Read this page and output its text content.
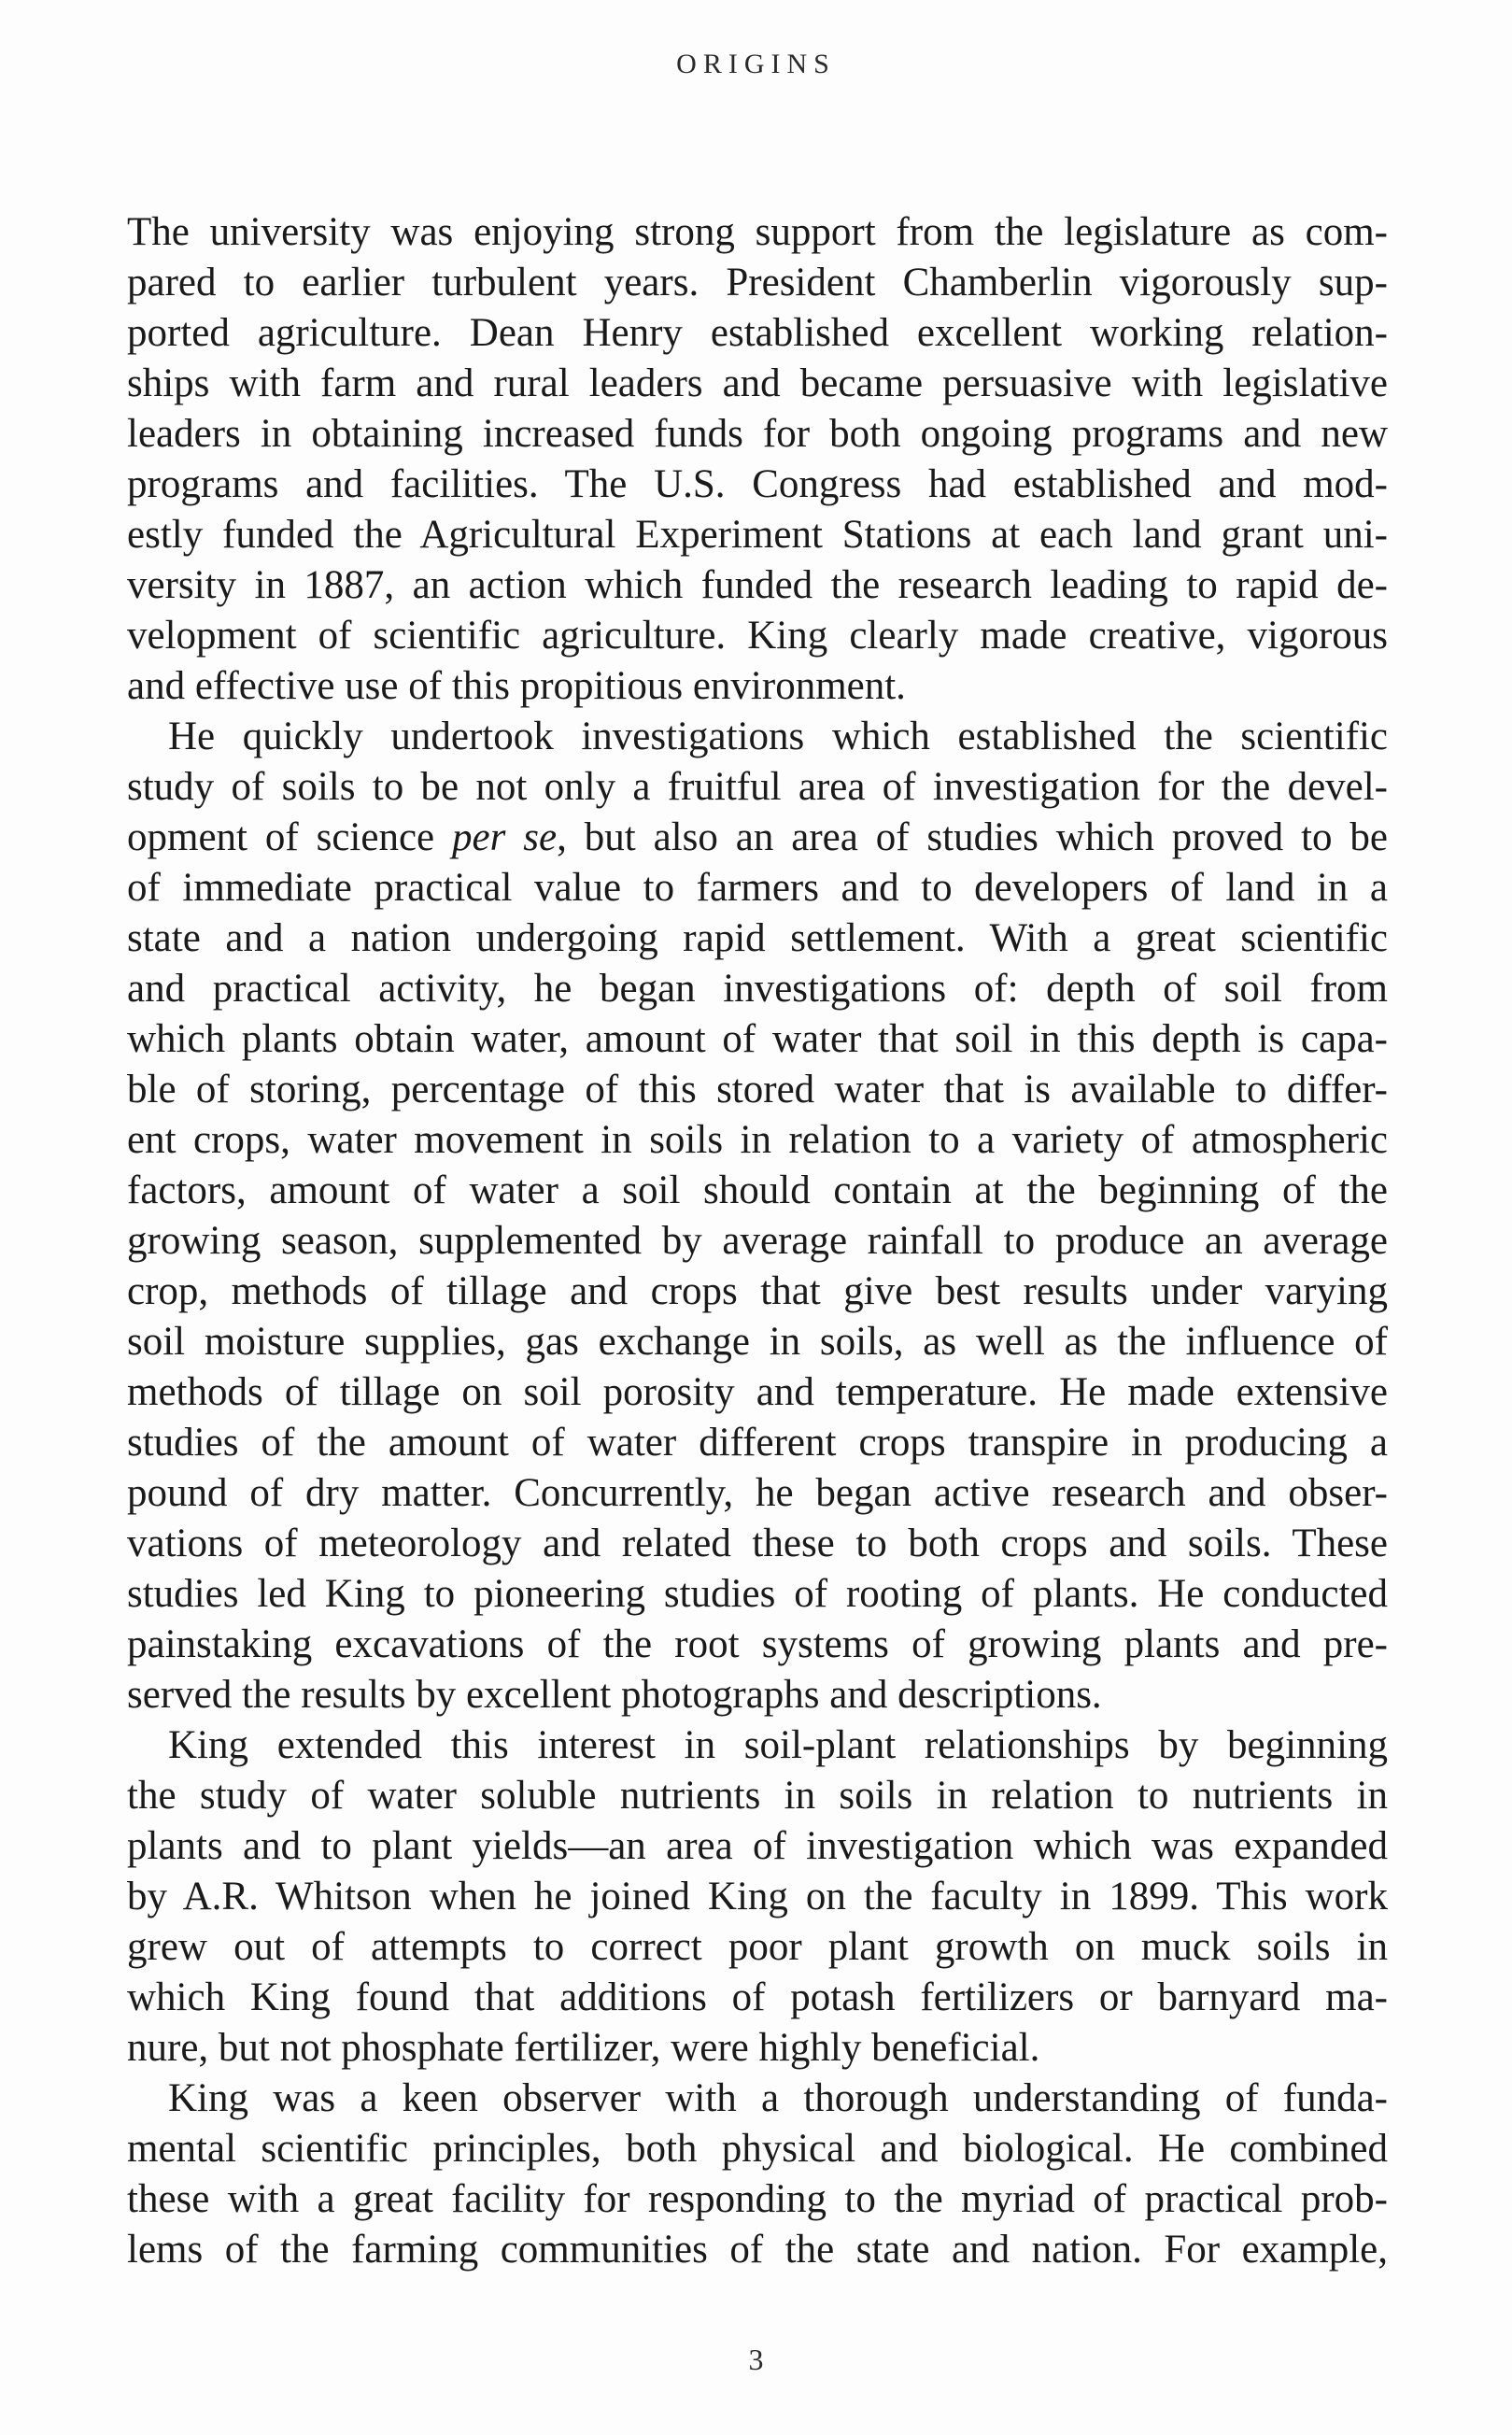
ORIGINS
The university was enjoying strong support from the legislature as com-
pared to earlier turbulent years. President Chamberlin vigorously sup-
ported agriculture. Dean Henry established excellent working relation-
ships with farm and rural leaders and became persuasive with legislative
leaders in obtaining increased funds for both ongoing programs and new
programs and facilities. The U.S. Congress had established and mod-
estly funded the Agricultural Experiment Stations at each land grant uni-
versity in 1887, an action which funded the research leading to rapid de-
velopment of scientific agriculture. King clearly made creative, vigorous
and effective use of this propitious environment.
He quickly undertook investigations which established the scientific
study of soils to be not only a fruitful area of investigation for the devel-
opment of science per se, but also an area of studies which proved to be
of immediate practical value to farmers and to developers of land in a
state and a nation undergoing rapid settlement. With a great scientific
and practical activity, he began investigations of: depth of soil from
which plants obtain water, amount of water that soil in this depth is capa-
ble of storing, percentage of this stored water that is available to differ-
ent crops, water movement in soils in relation to a variety of atmospheric
factors, amount of water a soil should contain at the beginning of the
growing season, supplemented by average rainfall to produce an average
crop, methods of tillage and crops that give best results under varying
soil moisture supplies, gas exchange in soils, as well as the influence of
methods of tillage on soil porosity and temperature. He made extensive
studies of the amount of water different crops transpire in producing a
pound of dry matter. Concurrently, he began active research and obser-
vations of meteorology and related these to both crops and soils. These
studies led King to pioneering studies of rooting of plants. He conducted
painstaking excavations of the root systems of growing plants and pre-
served the results by excellent photographs and descriptions.
King extended this interest in soil-plant relationships by beginning
the study of water soluble nutrients in soils in relation to nutrients in
plants and to plant yields—an area of investigation which was expanded
by A.R. Whitson when he joined King on the faculty in 1899. This work
grew out of attempts to correct poor plant growth on muck soils in
which King found that additions of potash fertilizers or barnyard ma-
nure, but not phosphate fertilizer, were highly beneficial.
King was a keen observer with a thorough understanding of funda-
mental scientific principles, both physical and biological. He combined
these with a great facility for responding to the myriad of practical prob-
lems of the farming communities of the state and nation. For example,
3
